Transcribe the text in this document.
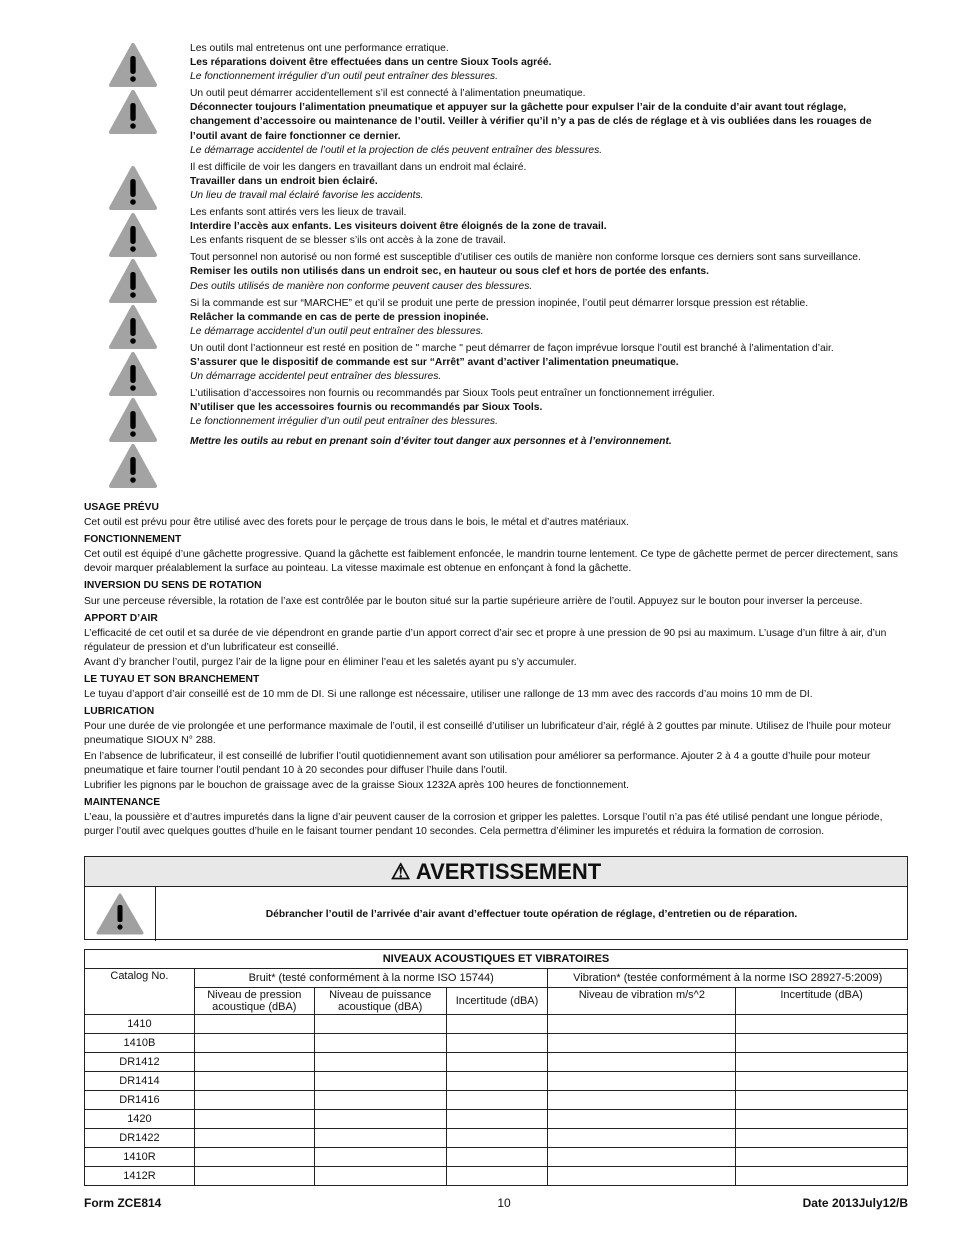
Les outils mal entretenus ont une performance erratique.
Les réparations doivent être effectuées dans un centre Sioux Tools agréé.
Le fonctionnement irrégulier d’un outil peut entraîner des blessures.
Un outil peut démarrer accidentellement s’il est connecté à l’alimentation pneumatique.
Déconnecter toujours l’alimentation pneumatique et appuyer sur la gâchette pour expulser l’air de la conduite d’air avant tout réglage, changement d’accessoire ou maintenance de l’outil. Veiller à vérifier qu’il n’y a pas de clés de réglage et à vis oubliées dans les rouages de l’outil avant de faire fonctionner ce dernier.
Le démarrage accidentel de l’outil et la projection de clés peuvent entraîner des blessures.
Il est difficile de voir les dangers en travaillant dans un endroit mal éclairé.
Travailler dans un endroit bien éclairé.
Un lieu de travail mal éclairé favorise les accidents.
Les enfants sont attirés vers les lieux de travail.
Interdire l’accès aux enfants. Les visiteurs doivent être éloignés de la zone de travail.
Les enfants risquent de se blesser s’ils ont accès à la zone de travail.
Tout personnel non autorisé ou non formé est susceptible d’utiliser ces outils de manière non conforme lorsque ces derniers sont sans surveillance.
Remiser les outils non utilisés dans un endroit sec, en hauteur ou sous clef et hors de portée des enfants.
Des outils utilisés de manière non conforme peuvent causer des blessures.
Si la commande est sur “MARCHE” et qu’il se produit une perte de pression inopinée, l’outil peut démarrer lorsque pression est rétablie.
Relâcher la commande en cas de perte de pression inopinée.
Le démarrage accidentel d’un outil peut entraîner des blessures.
Un outil dont l’actionneur est resté en position de " marche " peut démarrer de façon imprévue lorsque l’outil est branché à l’alimentation d’air.
S’assurer que le dispositif de commande est sur “Arrêt” avant d’activer l’alimentation pneumatique.
Un démarrage accidentel peut entraîner des blessures.
L’utilisation d’accessoires non fournis ou recommandés par Sioux Tools peut entraîner un fonctionnement irrégulier.
N’utiliser que les accessoires fournis ou recommandés par Sioux Tools.
Le fonctionnement irrégulier d’un outil peut entraîner des blessures.
Mettre les outils au rebut en prenant soin d’éviter tout danger aux personnes et à l’environnement.
USAGE PRÉVU
Cet outil est prévu pour être utilisé avec des forets pour le perçage de trous dans le bois, le métal et d’autres matériaux.
FONCTIONNEMENT
Cet outil est équipé d’une gâchette progressive. Quand la gâchette est faiblement enfoncée, le mandrin tourne lentement. Ce type de gâchette permet de percer directement, sans devoir marquer préalablement la surface au pointeau. La vitesse maximale est obtenue en enfonçant à fond la gâchette.
INVERSION DU SENS DE ROTATION
Sur une perceuse réversible, la rotation de l’axe est contrôlée par le bouton situé sur la partie supérieure arrière de l’outil. Appuyez sur le bouton pour inverser la perceuse.
APPORT D’AIR
L’efficacité de cet outil et sa durée de vie dépendront en grande partie d’un apport correct d’air sec et propre à une pression de 90 psi au maximum. L’usage d’un filtre à air, d’un régulateur de pression et d’un lubrificateur est conseillé.
Avant d’y brancher l’outil, purgez l’air de la ligne pour en éliminer l’eau et les saletés ayant pu s’y accumuler.
LE TUYAU ET SON BRANCHEMENT
Le tuyau d’apport d’air conseillé est de 10 mm de DI. Si une rallonge est nécessaire, utiliser une rallonge de 13 mm avec des raccords d’au moins 10 mm de DI.
LUBRICATION
Pour une durée de vie prolongée et une performance maximale de l’outil, il est conseillé d’utiliser un lubrificateur d’air, réglé à 2 gouttes par minute. Utilisez de l’huile pour moteur pneumatique SIOUX N° 288.
En l’absence de lubrificateur, il est conseillé de lubrifier l’outil quotidiennement avant son utilisation pour améliorer sa performance. Ajouter 2 à 4 a goutte d’huile pour moteur pneumatique et faire tourner l’outil pendant 10 à 20 secondes pour diffuser l’huile dans l’outil.
Lubrifier les pignons par le bouchon de graissage avec de la graisse Sioux 1232A après 100 heures de fonctionnement.
MAINTENANCE
L’eau, la poussière et d’autres impuretés dans la ligne d’air peuvent causer de la corrosion et gripper les palettes. Lorsque l’outil n’a pas été utilisé pendant une longue période, purger l’outil avec quelques gouttes d’huile en le faisant tourner pendant 10 secondes. Cela permettra d’éliminer les impuretés et réduira la formation de corrosion.
⚠ AVERTISSEMENT
Débrancher l’outil de l’arrivée d’air avant d’effectuer toute opération de réglage, d’entretien ou de réparation.
NIVEAUX ACOUSTIQUES ET VIBRATOIRES					
Catalog No.	Bruit* (testé conformément à la norme ISO 15744)			Vibration* (testée conformément à la norme ISO 28927-5:2009)	
	Niveau de pression acoustique (dBA)	Niveau de puissance acoustique (dBA)	Incertitude (dBA)	Niveau de vibration m/s^2	Incertitude (dBA)
1410					
1410B					
DR1412					
DR1414					
DR1416					
1420					
DR1422					
1410R					
1412R					
Form ZCE814	10	Date 2013July12/B
